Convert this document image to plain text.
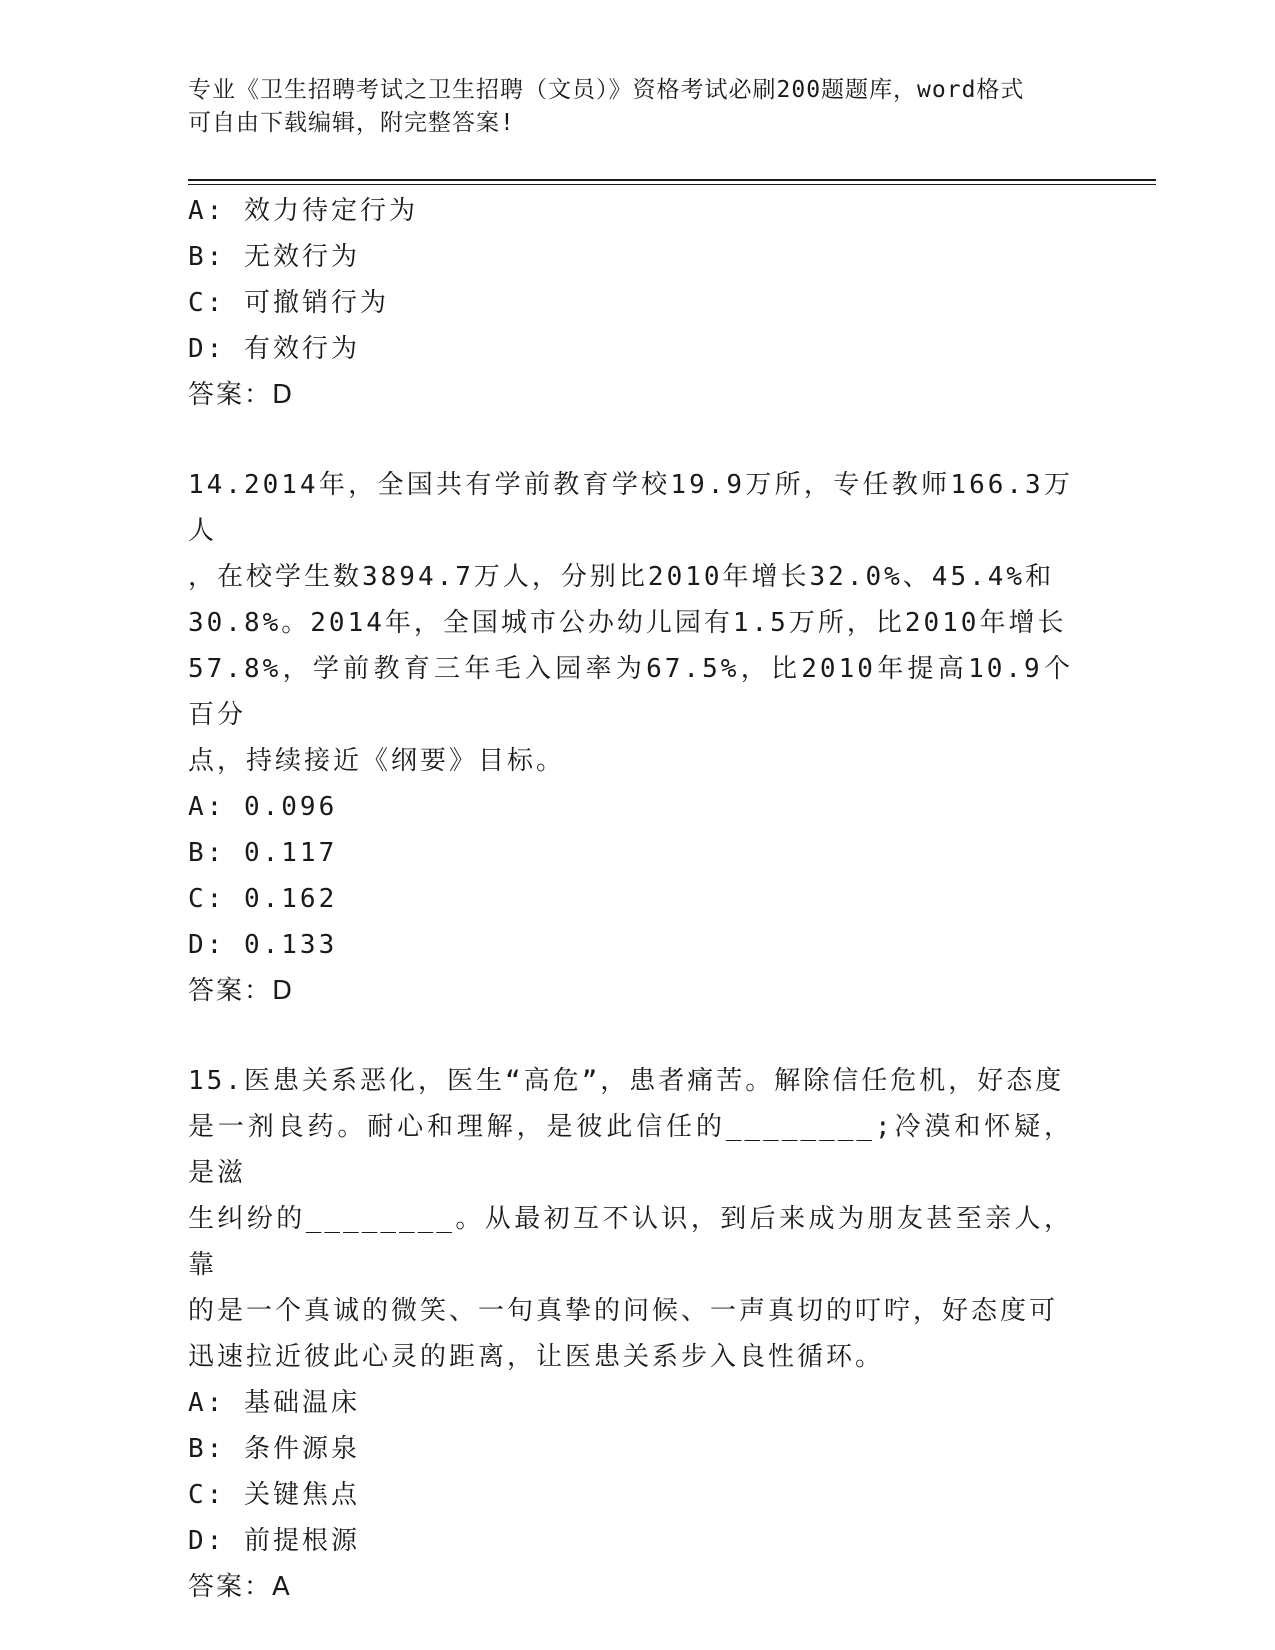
专业《卫生招聘考试之卫生招聘（文员）》资格考试必刷200题题库，word格式
可自由下载编辑，附完整答案!
A: 效力待定行为
B: 无效行为
C: 可撤销行为
D: 有效行为
答案：D
14.2014年，全国共有学前教育学校19.9万所，专任教师166.3万人
，在校学生数3894.7万人，分别比2010年增长32.0%、45.4%和
30.8%。2014年，全国城市公办幼儿园有1.5万所，比2010年增长
57.8%，学前教育三年毛入园率为67.5%，比2010年提高10.9个百分
点，持续接近《纲要》目标。
A: 0.096
B: 0.117
C: 0.162
D: 0.133
答案：D
15.医患关系恶化，医生“高危”，患者痛苦。解除信任危机，好态度
是一剂良药。耐心和理解，是彼此信任的________;冷漠和怀疑，是滋
生纠纷的________。从最初互不认识，到后来成为朋友甚至亲人，靠
的是一个真诚的微笑、一句真挚的问候、一声真切的叮咛，好态度可
迅速拉近彼此心灵的距离，让医患关系步入良性循环。
A: 基础温床
B: 条件源泉
C: 关键焦点
D: 前提根源
答案：A
